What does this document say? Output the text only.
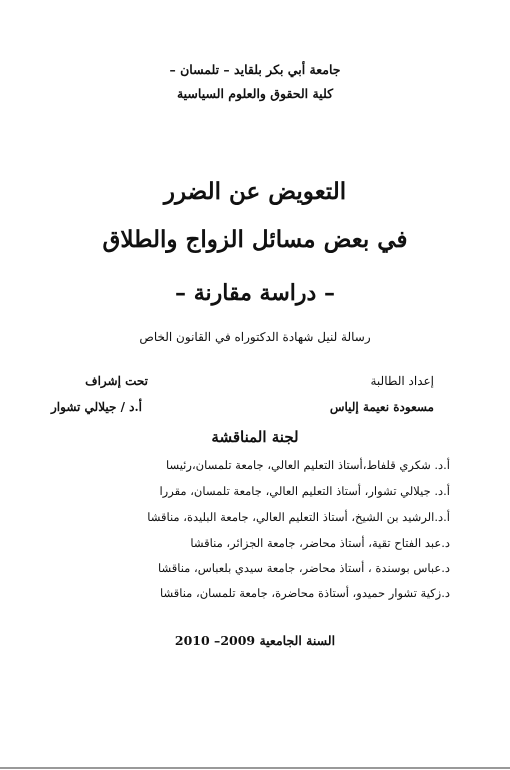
جامعة أبي بكر بلقايد – تلمسان –
كلية الحقوق والعلوم السياسية
التعويض عن الضرر
في بعض مسائل الزواج والطلاق
– دراسة مقارنة –
رسالة لنيل شهادة الدكتوراه في القانون الخاص
إعداد الطالبة
مسعودة نعيمة إلياس
تحت إشراف
أ.د / جيلالي تشوار
لجنة المناقشة
أ.د. شكري قلفاط،أستاذ التعليم العالي، جامعة تلمسان،رئيسا
أ.د. جيلالي تشوار، أستاذ التعليم العالي، جامعة تلمسان، مقررا
أ.د.الرشيد بن الشيخ، أستاذ التعليم العالي، جامعة البليدة، مناقشا
د.عبد الفتاح تقية، أستاذ محاضر، جامعة الجزائر، مناقشا
د.عباس بوسندة ، أستاذ محاضر، جامعة سيدي بلعباس، مناقشا
د.زكية تشوار حميدو، أستاذة محاضرة، جامعة تلمسان، مناقشا
السنة الجامعية 2009– 2010
